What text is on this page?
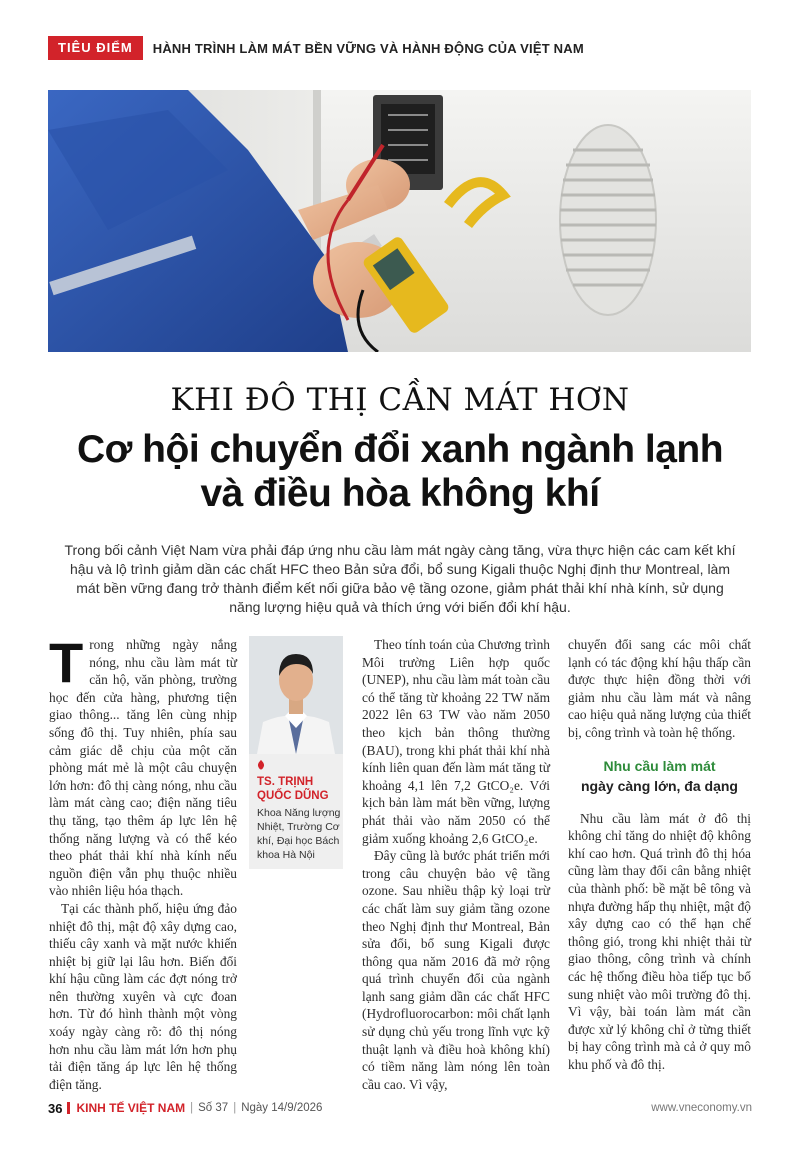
TIÊU ĐIỂM	HÀNH TRÌNH LÀM MÁT BỀN VỮNG VÀ HÀNH ĐỘNG CỦA VIỆT NAM
KHI ĐÔ THỊ CẦN MÁT HƠN
Cơ hội chuyển đổi xanh ngành lạnh
và điều hòa không khí
Trong bối cảnh Việt Nam vừa phải đáp ứng nhu cầu làm mát ngày càng tăng, vừa thực hiện các cam kết khí hậu và lộ trình giảm dần các chất HFC theo Bản sửa đổi, bổ sung Kigali thuộc Nghị định thư Montreal, làm mát bền vững đang trở thành điểm kết nối giữa bảo vệ tầng ozone, giảm phát thải khí nhà kính, sử dụng năng lượng hiệu quả và thích ứng với biến đổi khí hậu.

Trong những ngày nắng nóng, nhu cầu làm mát từ căn hộ, văn phòng, trường học đến cửa hàng, phương tiện giao thông... tăng lên cùng nhịp sống đô thị. Tuy nhiên, phía sau cảm giác dễ chịu của một căn phòng mát mẻ là một câu chuyện lớn hơn: đô thị càng nóng, nhu cầu làm mát càng cao; điện năng tiêu thụ tăng, tạo thêm áp lực lên hệ thống năng lượng và có thể kéo theo phát thải khí nhà kính nếu nguồn điện vẫn phụ thuộc nhiều vào nhiên liệu hóa thạch.

Tại các thành phố, hiệu ứng đảo nhiệt đô thị, mật độ xây dựng cao, thiếu cây xanh và mặt nước khiến nhiệt bị giữ lại lâu hơn. Biến đổi khí hậu cũng làm các đợt nóng trở nên thường xuyên và cực đoan hơn. Từ đó hình thành một vòng xoáy ngày càng rõ: đô thị nóng hơn nhu cầu làm mát lớn hơn phụ tải điện tăng áp lực lên hệ thống điện tăng.

TS. TRỊNH
QUỐC DŨNG
Khoa Năng lượng Nhiệt, Trường Cơ khí, Đại học Bách khoa Hà Nội

Theo tính toán của Chương trình Môi trường Liên hợp quốc (UNEP), nhu cầu làm mát toàn cầu có thể tăng từ khoảng 22 TW năm 2022 lên 63 TW vào năm 2050 theo kịch bản thông thường (BAU), trong khi phát thải khí nhà kính liên quan đến làm mát tăng từ khoảng 4,1 lên 7,2 GtCO₂e. Với kịch bản làm mát bền vững, lượng phát thải vào năm 2050 có thể giảm xuống khoảng 2,6 GtCO₂e.

Đây cũng là bước phát triển mới trong câu chuyện bảo vệ tầng ozone. Sau nhiều thập kỷ loại trừ các chất làm suy giảm tầng ozone theo Nghị định thư Montreal, Bản sửa đổi, bổ sung Kigali được thông qua năm 2016 đã mở rộng quá trình chuyển đổi của ngành lạnh sang giảm dần các chất HFC (Hydrofluorocarbon: môi chất lạnh sử dụng chủ yếu trong lĩnh vực kỹ thuật lạnh và điều hoà không khí) có tiềm năng làm nóng lên toàn cầu cao. Vì vậy,

chuyển đổi sang các môi chất lạnh có tác động khí hậu thấp cần được thực hiện đồng thời với giảm nhu cầu làm mát và nâng cao hiệu quả năng lượng của thiết bị, công trình và toàn hệ thống.

Nhu cầu làm mát
ngày càng lớn, đa dạng

Nhu cầu làm mát ở đô thị không chỉ tăng do nhiệt độ không khí cao hơn. Quá trình đô thị hóa cũng làm thay đổi cân bằng nhiệt của thành phố: bề mặt bê tông và nhựa đường hấp thụ nhiệt, mật độ xây dựng cao có thể hạn chế thông gió, trong khi nhiệt thải từ giao thông, công trình và chính các hệ thống điều hòa tiếp tục bổ sung nhiệt vào môi trường đô thị. Vì vậy, bài toán làm mát cần được xử lý không chỉ ở từng thiết bị hay công trình mà cả ở quy mô khu phố và đô thị.

36 KINH TẾ VIỆT NAM | Số 37 | Ngày 14/9/2026	www.vneconomy.vn
